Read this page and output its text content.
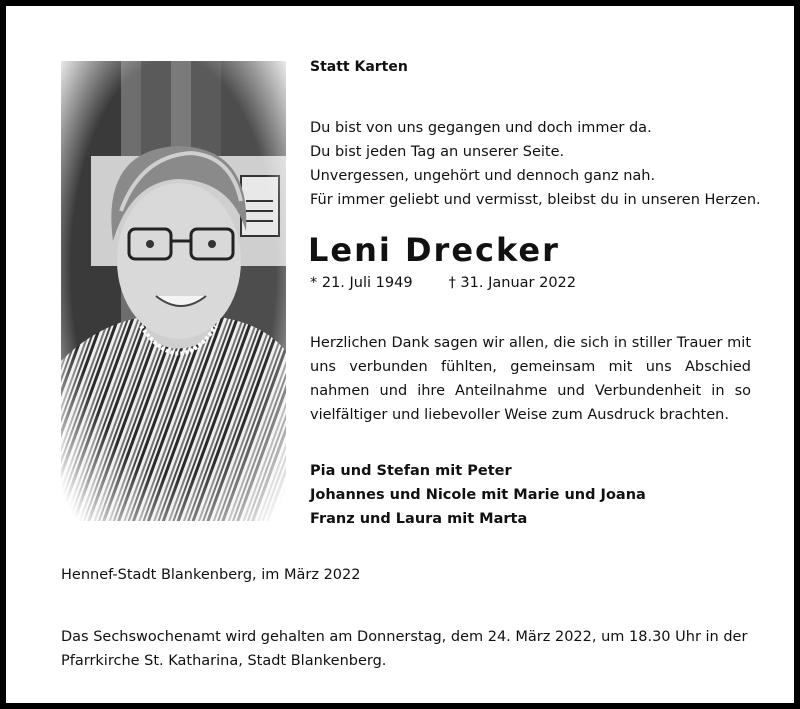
Statt Karten

Du bist von uns gegangen und doch immer da.
Du bist jeden Tag an unserer Seite.
Unvergessen, ungehört und dennoch ganz nah.
Für immer geliebt und vermisst, bleibst du in unseren Herzen.
Leni Drecker
* 21. Juli 1949 † 31. Januar 2022

Herzlichen Dank sagen wir allen, die sich in stiller Trauer mit uns verbunden fühlten, gemeinsam mit uns Abschied nahmen und ihre Anteilnahme und Verbundenheit in so vielfältiger und liebevoller Weise zum Ausdruck brachten.

Pia und Stefan mit Peter
Johannes und Nicole mit Marie und Joana
Franz und Laura mit Marta

Hennef-Stadt Blankenberg, im März 2022

Das Sechswochenamt wird gehalten am Donnerstag, dem 24. März 2022, um 18.30 Uhr in der
Pfarrkirche St. Katharina, Stadt Blankenberg.
